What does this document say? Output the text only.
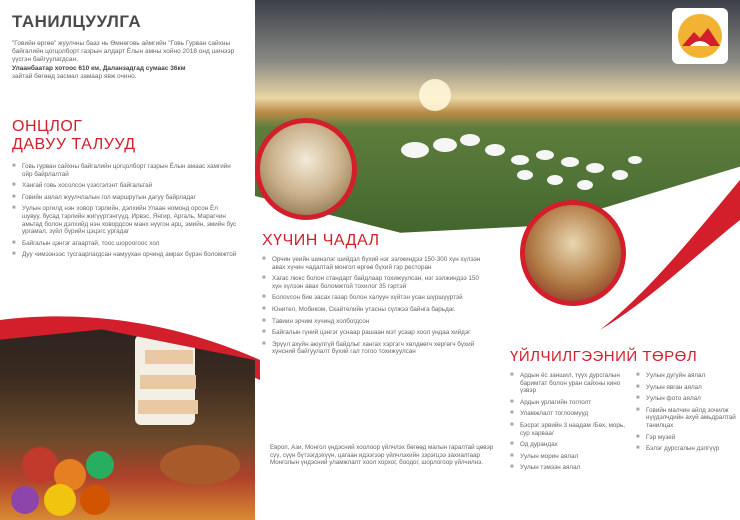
ТАНИЛЦУУЛГА
"Говийн өргөө" жуулчны бааз нь Өмнөговь аймгийн "Говь Гурван сайхны байгалийн цогцолборт газрын алдарт Ёлын амны хойно 2018 онд шинээр үүсгэн байгуулагдсан.
Улаанбаатар хотоос 610 км, Даланзадгад сумаас 36км
зайтай бөгөөд засмал замаар явж очино.
ОНЦЛОГ
ДАВУУ ТАЛУУД
■ Говь гурван сайхны байгалийн цогцолборт газрын Ёлын амаас хамгийн ойр байрлалтай
■ Хангай говь хосолсон үзэсгэлэнт байгальтай
■ Говийн аялал жуулчлалын гол маршрутын дагуу байрладаг
■ Уулын оргилд нэн ховор тэрлийн, дэлхийн Улаан номонд орсон Ёл шувуу, бусад тэрлийн жигүүртэнгүүд, Ирвэс, Янгир, Аргаль, Марагчин амьтад болон дэлхийд нэн ховордсон манх нүүгон арц, эмийн, эмийн бус ургамал, зүйл бүрийн цэцэгс ургадаг
■ Байгалын цэнгэг агаартай, тоос шороогоос хол
■ Дуу чимээнээс тусгаарлагдсан намуухан орчинд амрах бүрэн боломжтой
ХҮЧИН ЧАДАЛ
■ Орчин үеийн шинэлэг шийдэл бүхий нэг ээлжиндээ 150-300 хүн хүлээн авах хүчин чадалтай монгол өргөө бүхий гэр ресторан
■ Хагас люкс болон стандарт байдлаар тохижуулсан, нэг ээлжиндээ 150 хүн хүлээн авах боломжтой тохилог 35 гэртэй
■ Болovсон бие засах газар болон халуун хүйтэн усан шүршүүртэй
■ Юнител, Мобиком, Скайтелийн утасны сүлжээ байнга барьдаг.
■ Тавиин эрчим хүчинд холбогдсон
■ Байгалын гүний цэнгэг уснаар рашаан мэт усаар хоол ундаа хийдэг
■ Эрүүл ахуйн аюулгүй байдлыг хангах хэргэгч хөлдөөгч хөргөгч бүхий хүнсний байгуулалт бүхий гал тогоо тохижуулсан
Европ, Ази, Монгол үндэсний хоолоор үйлчлэх бөгөөд малын гаралтай цөвэр сүү, сүүн бүтээгдэхүүн, цагаан идээгээр үйлчлэхийн зэрэгцээ захиалгаар Монголын үндэсний уламжлалт хоол хорхог, боодог, шорлогоор үйлчилнэ.
ҮЙЛЧИЛГЭЭНИЙ ТӨРӨЛ
■ Ардын ёс заншил, түүх дурсгалын баримтат болон уран сайхны кино үзвэр
■ Ардын урлагийн тоглолт
■ Уламжлалт тоглоомууд
■ Бэсрэг эрвийн 3 наадам /Бөх, морь, сур харваа/
■ Од дурандах
■ Уулын морин аялал
■ Уулын тэмээн аялал
■ Уулын дугуйн аялал
■ Уулын явган аялал
■ Уулын фото аялал
■ Говийн малчин айлд зочилж нүүдэлчдийн ахуй амьдралтай танилцах
■ Гэр музей
■ Бэлэг дурсгалын дэлгүүр
